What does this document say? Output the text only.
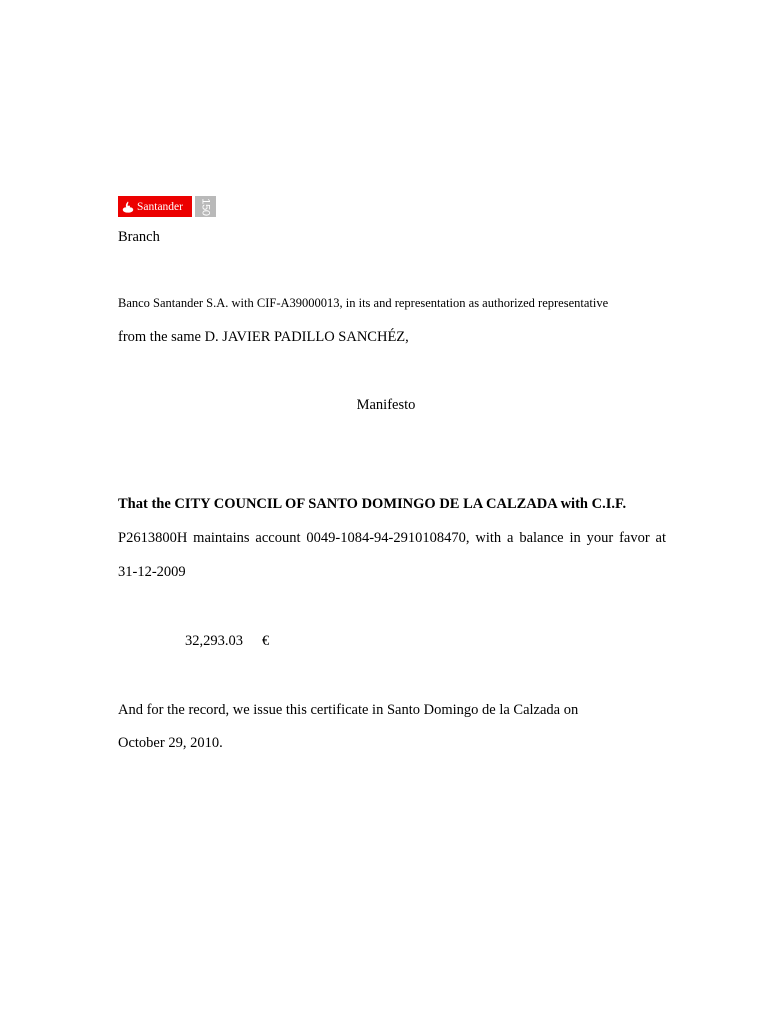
Santander 150
Branch
Banco Santander S.A. with CIF-A39000013, in its and representation as authorized representative
from the same D. JAVIER PADILLO SANCHÉZ,
Manifesto
That the CITY COUNCIL OF SANTO DOMINGO DE LA CALZADA with C.I.F.
P2613800H maintains account 0049-1084-94-2910108470, with a balance in your favor at
31-12-2009
32,293.03 €
And for the record, we issue this certificate in Santo Domingo de la Calzada on
October 29, 2010.
